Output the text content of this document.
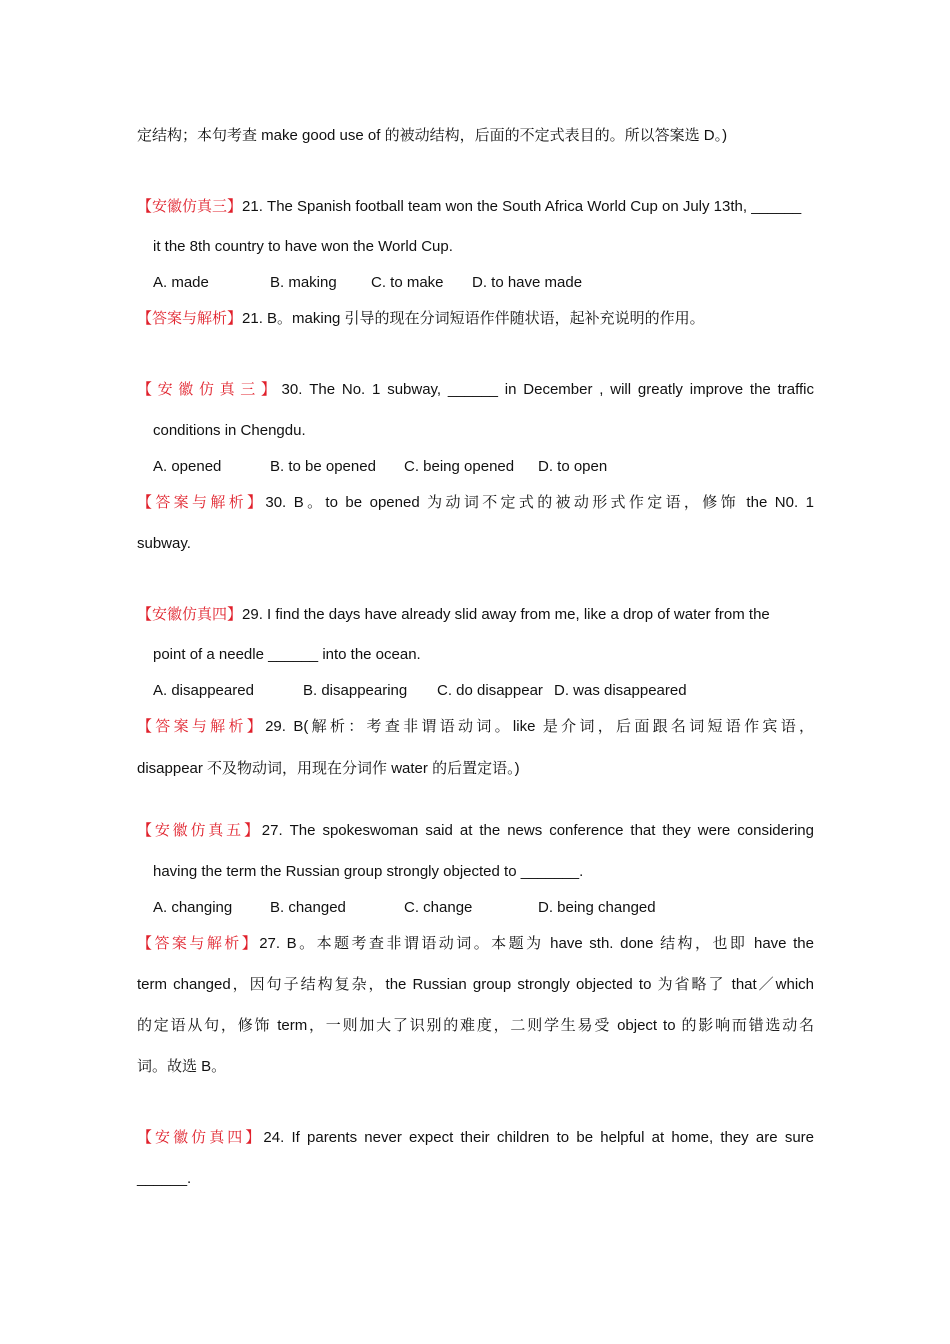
定结构；本句考查 make good use of 的被动结构，后面的不定式表目的。所以答案选 D。)
【安徽仿真三】21. The Spanish football team won the South Africa World Cup on July 13th, ______
it the 8th country to have won the World Cup.
A. made	B. making C. to make D. to have made
【答案与解析】21. B。making 引导的现在分词短语作伴随状语，起补充说明的作用。
【安徽仿真三】30. The No. 1 subway, ______ in December , will greatly improve the traffic
conditions in Chengdu.
A. opened	B. to be opened C. being opened D. to open
【答案与解析】30. B。to be opened 为动词不定式的被动形式作定语，修饰 the N0. 1
subway.
【安徽仿真四】29. I find the days have already slid away from me, like a drop of water from the
point of a needle ______ into the ocean.
A. disappeared	B. disappearing C. do disappear D. was disappeared
【答案与解析】29. B(解析：考查非谓语动词。like 是介词，后面跟名词短语作宾语，
disappear 不及物动词，用现在分词作 water 的后置定语。)
【安徽仿真五】27. The spokeswoman said at the news conference that they were considering
having the term the Russian group strongly objected to _______.
A. changing	B. changed	C. change	D. being changed
【答案与解析】27. B。本题考查非谓语动词。本题为 have sth. done 结构，也即 have the
term changed，因句子结构复杂，the Russian group strongly objected to 为省略了 that／which
的定语从句，修饰 term，一则加大了识别的难度，二则学生易受 object to 的影响而错选动名
词。故选 B。
【安徽仿真四】24. If parents never expect their children to be helpful at home, they are sure
______.
